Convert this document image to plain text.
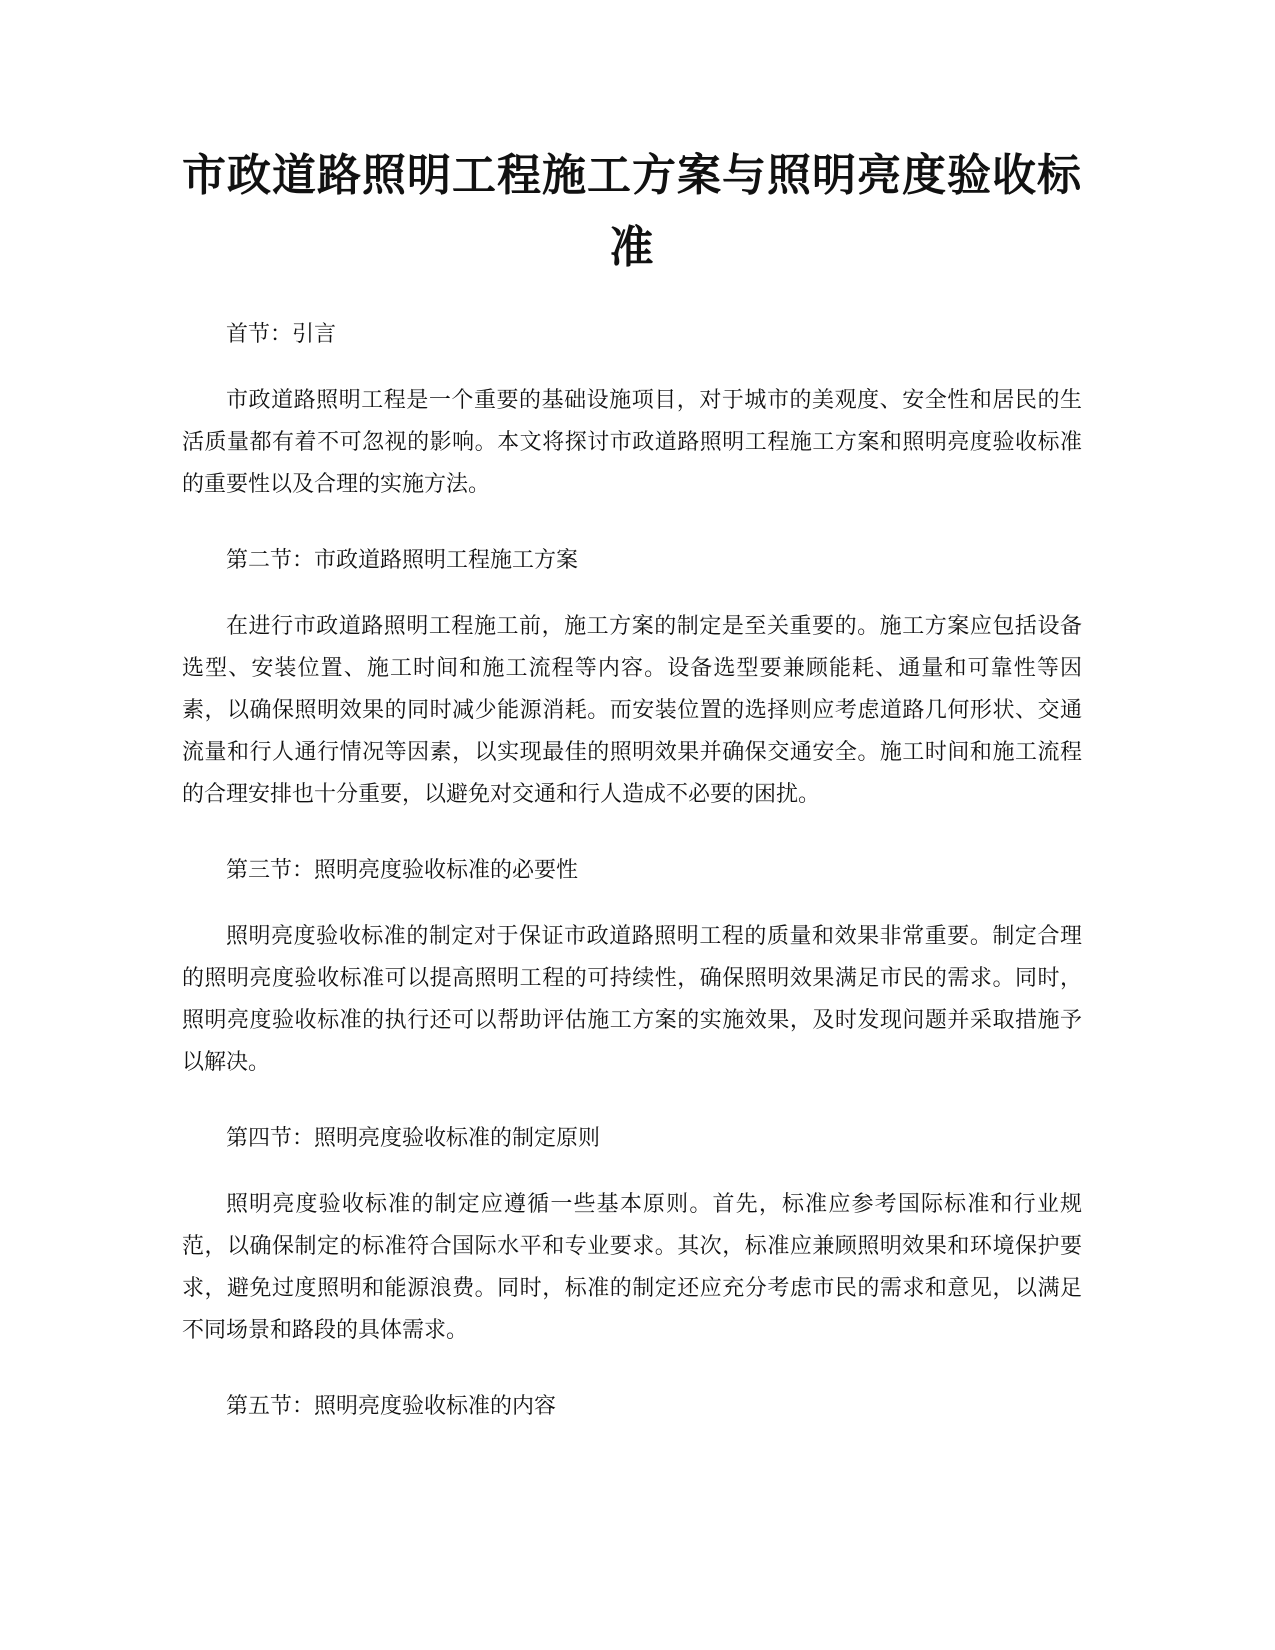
市政道路照明工程施工方案与照明亮度验收标准

首节：引言

市政道路照明工程是一个重要的基础设施项目，对于城市的美观度、安全性和居民的生活质量都有着不可忽视的影响。本文将探讨市政道路照明工程施工方案和照明亮度验收标准的重要性以及合理的实施方法。

第二节：市政道路照明工程施工方案

在进行市政道路照明工程施工前，施工方案的制定是至关重要的。施工方案应包括设备选型、安装位置、施工时间和施工流程等内容。设备选型要兼顾能耗、通量和可靠性等因素，以确保照明效果的同时减少能源消耗。而安装位置的选择则应考虑道路几何形状、交通流量和行人通行情况等因素，以实现最佳的照明效果并确保交通安全。施工时间和施工流程的合理安排也十分重要，以避免对交通和行人造成不必要的困扰。

第三节：照明亮度验收标准的必要性

照明亮度验收标准的制定对于保证市政道路照明工程的质量和效果非常重要。制定合理的照明亮度验收标准可以提高照明工程的可持续性，确保照明效果满足市民的需求。同时，照明亮度验收标准的执行还可以帮助评估施工方案的实施效果，及时发现问题并采取措施予以解决。

第四节：照明亮度验收标准的制定原则

照明亮度验收标准的制定应遵循一些基本原则。首先，标准应参考国际标准和行业规范，以确保制定的标准符合国际水平和专业要求。其次，标准应兼顾照明效果和环境保护要求，避免过度照明和能源浪费。同时，标准的制定还应充分考虑市民的需求和意见，以满足不同场景和路段的具体需求。

第五节：照明亮度验收标准的内容
